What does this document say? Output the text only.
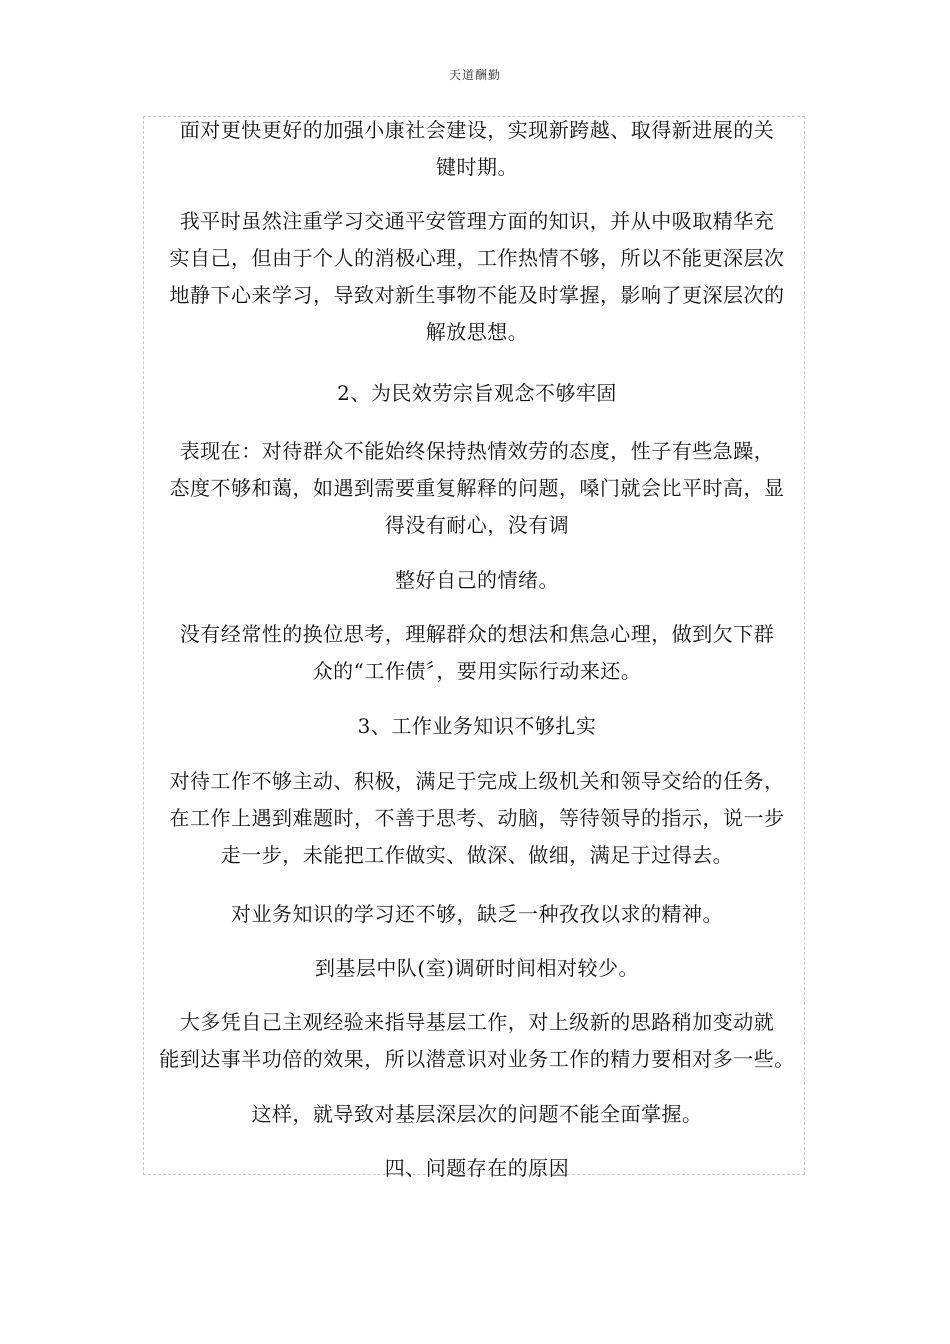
天道酬勤
面对更快更好的加强小康社会建设，实现新跨越、取得新进展的关
键时期。
我平时虽然注重学习交通平安管理方面的知识，并从中吸取精华充
实自己，但由于个人的消极心理，工作热情不够，所以不能更深层次
地静下心来学习，导致对新生事物不能及时掌握，影响了更深层次的
解放思想。
2、为民效劳宗旨观念不够牢固
表现在：对待群众不能始终保持热情效劳的态度，性子有些急躁，
态度不够和蔼，如遇到需要重复解释的问题，嗓门就会比平时高，显
得没有耐心，没有调
整好自己的情绪。
没有经常性的换位思考，理解群众的想法和焦急心理，做到欠下群
众的“工作债〞，要用实际行动来还。
3、工作业务知识不够扎实
对待工作不够主动、积极，满足于完成上级机关和领导交给的任务，
在工作上遇到难题时，不善于思考、动脑，等待领导的指示，说一步
走一步，未能把工作做实、做深、做细，满足于过得去。
对业务知识的学习还不够，缺乏一种孜孜以求的精神。
到基层中队(室)调研时间相对较少。
大多凭自己主观经验来指导基层工作，对上级新的思路稍加变动就
能到达事半功倍的效果，所以潜意识对业务工作的精力要相对多一些。
这样，就导致对基层深层次的问题不能全面掌握。
四、问题存在的原因
